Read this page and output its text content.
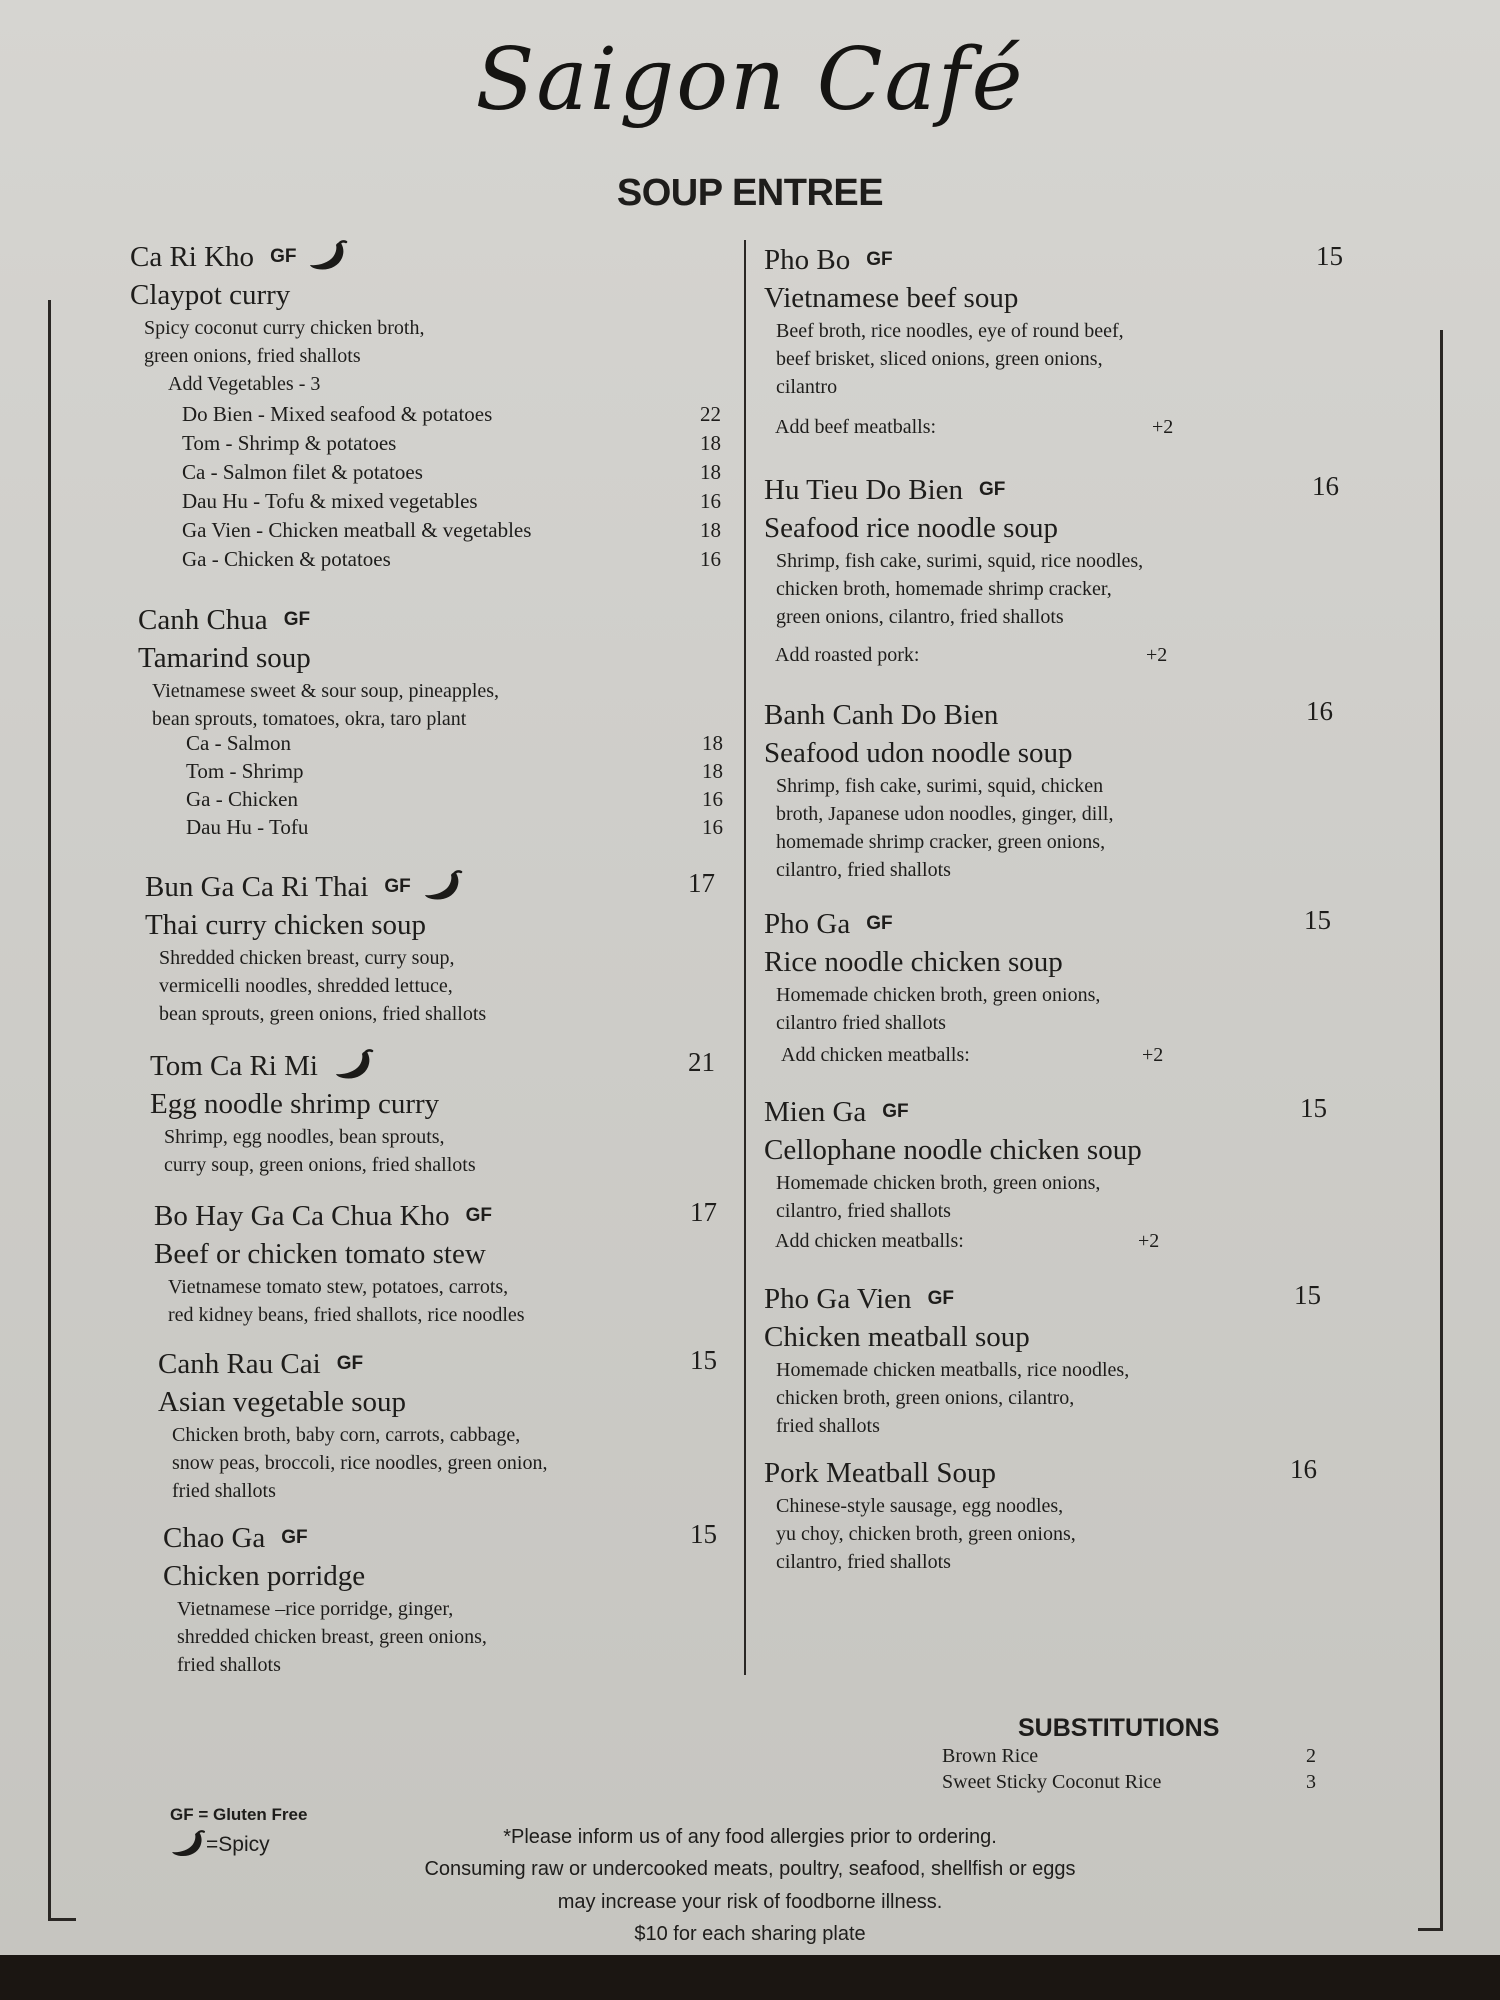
Saigon Café
SOUP ENTREE
Ca Ri Kho GF
Claypot curry
Spicy coconut curry chicken broth,
green onions, fried shallots
Add Vegetables - 3
Do Bien - Mixed seafood & potatoes	22
Tom - Shrimp & potatoes	18
Ca - Salmon filet & potatoes	18
Dau Hu - Tofu & mixed vegetables	16
Ga Vien - Chicken meatball & vegetables	18
Ga - Chicken & potatoes	16
Canh Chua GF
Tamarind soup
Vietnamese sweet & sour soup, pineapples,
bean sprouts, tomatoes, okra, taro plant
Ca - Salmon	18
Tom - Shrimp	18
Ga - Chicken	16
Dau Hu - Tofu	16
Bun Ga Ca Ri Thai GF	17
Thai curry chicken soup
Shredded chicken breast, curry soup,
vermicelli noodles, shredded lettuce,
bean sprouts, green onions, fried shallots
Tom Ca Ri Mi	21
Egg noodle shrimp curry
Shrimp, egg noodles, bean sprouts,
curry soup, green onions, fried shallots
Bo Hay Ga Ca Chua Kho GF	17
Beef or chicken tomato stew
Vietnamese tomato stew, potatoes, carrots,
red kidney beans, fried shallots, rice noodles
Canh Rau Cai GF	15
Asian vegetable soup
Chicken broth, baby corn, carrots, cabbage,
snow peas, broccoli, rice noodles, green onion,
fried shallots
Chao Ga GF	15
Chicken porridge
Vietnamese –rice porridge, ginger,
shredded chicken breast, green onions,
fried shallots
Pho Bo GF	15
Vietnamese beef soup
Beef broth, rice noodles, eye of round beef,
beef brisket, sliced onions, green onions,
cilantro
Add beef meatballs:	+2
Hu Tieu Do Bien GF	16
Seafood rice noodle soup
Shrimp, fish cake, surimi, squid, rice noodles,
chicken broth, homemade shrimp cracker,
green onions, cilantro, fried shallots
Add roasted pork:	+2
Banh Canh Do Bien	16
Seafood udon noodle soup
Shrimp, fish cake, surimi, squid, chicken
broth, Japanese udon noodles, ginger, dill,
homemade shrimp cracker, green onions,
cilantro, fried shallots
Pho Ga GF	15
Rice noodle chicken soup
Homemade chicken broth, green onions,
cilantro fried shallots
Add chicken meatballs:	+2
Mien Ga GF	15
Cellophane noodle chicken soup
Homemade chicken broth, green onions,
cilantro, fried shallots
Add chicken meatballs:	+2
Pho Ga Vien GF	15
Chicken meatball soup
Homemade chicken meatballs, rice noodles,
chicken broth, green onions, cilantro,
fried shallots
Pork Meatball Soup	16
Chinese-style sausage, egg noodles,
yu choy, chicken broth, green onions,
cilantro, fried shallots
SUBSTITUTIONS
Brown Rice	2
Sweet Sticky Coconut Rice	3
GF = Gluten Free
=Spicy	*Please inform us of any food allergies prior to ordering.
Consuming raw or undercooked meats, poultry, seafood, shellfish or eggs
may increase your risk of foodborne illness.
$10 for each sharing plate
